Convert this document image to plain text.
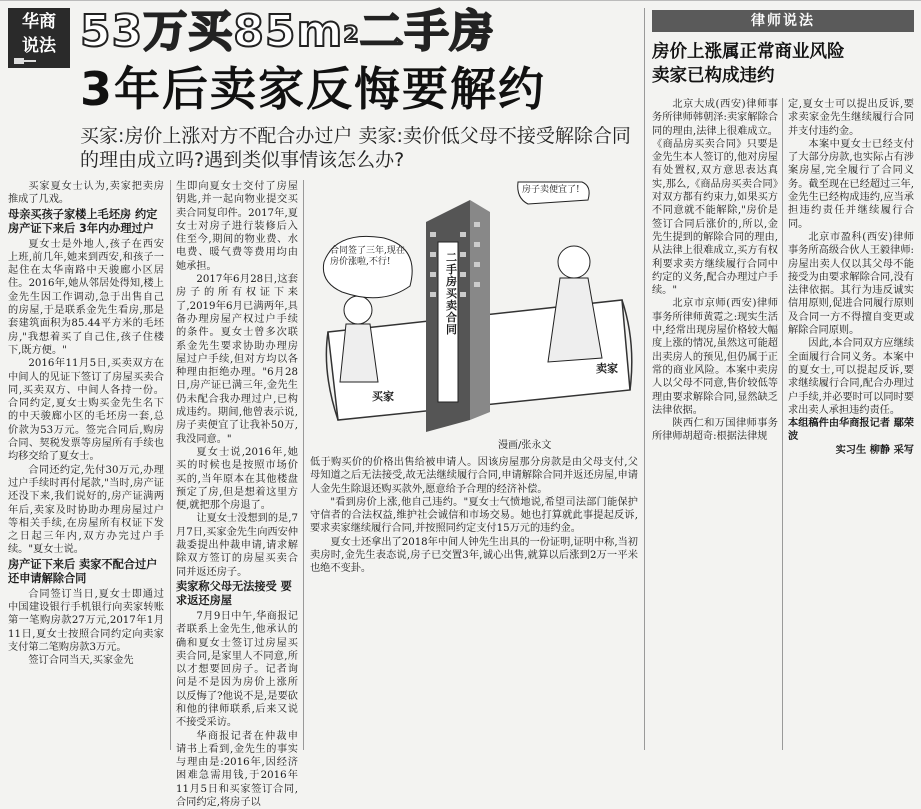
华商
说法 53万买$85m^2$二手房
3年后卖家反悔要解约
买家:房价上涨对方不配合办过户 卖家:卖价低父母不接受解除合同的理由成立吗?遇到类似事情该怎么办?
律师说法
房价上涨属正常商业风险
卖家已构成违约

买家夏女士认为,卖家把卖房推成了几戏。

母亲买孩子家楼上毛坯房 约定房产证下来后 3年内办理过户

夏女士是外地人,孩子在西安上班,前几年,她来到西安,和孩子一起住在太华南路中天骏廊小区居住。2016年,她从邻居处得知,楼上金先生因工作调动,急于出售自己的房屋,于是联系金先生看房,那是套建筑面积为85.44平方米的毛坯房,"我想着买了自己住,孩子住楼下,既方便。"

2016年11月5日,买卖双方在中间人的见证下签订了房屋买卖合同,买卖双方、中间人各持一份。合同约定,夏女士购买金先生名下的中天骏廊小区的毛坯房一套,总价款为53万元。签完合同后,购房合同、契税发票等房屋所有手续也均移交给了夏女士。

合同还约定,先付30万元,办理过户手续时再付尾款,"当时,房产证还没下来,我们说好的,房产证满两年后,卖家及时协助办理房屋过户等相关手续,在房屋所有权证下发之日起三年内,双方办完过户手续。"夏女士说。

房产证下来后 卖家不配合过户 还申请解除合同

合同签订当日,夏女士即通过中国建设银行手机银行向卖家转账第一笔购房款27万元,2017年1月11日,夏女士按照合同约定向卖家支付第二笔购房款3万元。

签订合同当天,买家金先

生即向夏女士交付了房屋钥匙,并一起向物业提交买卖合同复印件。2017年,夏女士对房子进行装修后入住至今,期间的物业费、水电费、暖气费等费用均由她承担。

2017年6月28日,这套房子的所有权证下来了,2019年6月已满两年,具备办理房屋产权过户手续的条件。夏女士曾多次联系金先生要求协助办理房屋过户手续,但对方均以各种理由拒绝办理。"6月28日,房产证已满三年,金先生仍未配合我办理过户,已构成违约。期间,他曾表示说,房子卖便宜了让我补50万,我没同意。"

夏女士说,2016年,她买的时候也是按照市场价买的,当年原本在其他楼盘预定了房,但是想着这里方便,就把那个房退了。

让夏女士没想到的是,7月7日,买家金先生向西安仲裁委提出仲裁申请,请求解除双方签订的房屋买卖合同并返还房子。

卖家称父母无法接受 要求返还房屋

7月9日中午,华商报记者联系上金先生,他承认的确和夏女士签订过房屋买卖合同,是家里人不同意,所以才想要回房子。记者询问是不是因为房价上涨所以反悔了?他说不是,是要砍和他的律师联系,后来又说不接受采访。

华商报记者在仲裁申请书上看到,金先生的事实与理由是:2016年,因经济困难急需用钱,于2016年11月5日和买家签订合同,合同约定,将房子以

二手房买卖合同
合同签了三年,现在房价涨啦,不行!
房子卖便宜了!
买家
卖家
漫画/张永文

低于购买价的价格出售给被申请人。因该房屋那分房款是由父母支付,父母知道之后无法接受,故无法继续履行合同,申请解除合同并返还房屋,申请人金先生除退还购买款外,愿意给予合理的经济补偿。

"看到房价上涨,他自己违约。"夏女士气愤地说,希望司法部门能保护守信者的合法权益,维护社会诚信和市场交易。她也打算就此事提起反诉,要求卖家继续履行合同,并按照同约定支付15万元的违约金。

夏女士还拿出了2018年中间人钟先生出具的一份证明,证明中称,当初卖房时,金先生表态说,房子已交置3年,诚心出售,就算以后涨到2万一平米也绝不变卦。

北京大成(西安)律师事务所律师韩朝泽:卖家解除合同的理由,法律上很难成立。《商品房买卖合同》只要是金先生本人签订的,他对房屋有处置权,双方意思表达真实,那么,《商品房买卖合同》对双方都有约束力,如果买方不同意就不能解除,"房价是签订合同后涨价的,所以,金先生提到的解除合同的理由,从法律上很难成立,买方有权利要求卖方继续履行合同中约定的义务,配合办理过户手续。"

北京市京师(西安)律师事务所律师黄霓之:现实生活中,经常出现房屋价格较大幅度上涨的情况,虽然这可能超出卖房人的预见,但仍属于正常的商业风险。本案中卖房人以父母不同意,售价较低等理由要求解除合同,显然缺乏法律依据。

陕西仁和万国律师事务所律师胡超奇:根据法律规

定,夏女士可以提出反诉,要求卖家金先生继续履行合同并支付违约金。

本案中夏女士已经支付了大部分房款,也实际占有涉案房屋,完全履行了合同义务。截至现在已经超过三年,金先生已经构成违约,应当承担违约责任并继续履行合同。

北京市盈科(西安)律师事务所高级合伙人王毅律师:房屋出卖人仅以其父母不能接受为由要求解除合同,没有法律依据。其行为违反诚实信用原则,促进合同履行原则及合同一方不得擅自变更或解除合同原则。

因此,本合同双方应继续全面履行合同义务。本案中的夏女士,可以提起反诉,要求继续履行合同,配合办理过户手续,并必要时可以同时要求出卖人承担违约责任。

本组稿件由华商报记者 鄢荣波

实习生 柳静 采写
